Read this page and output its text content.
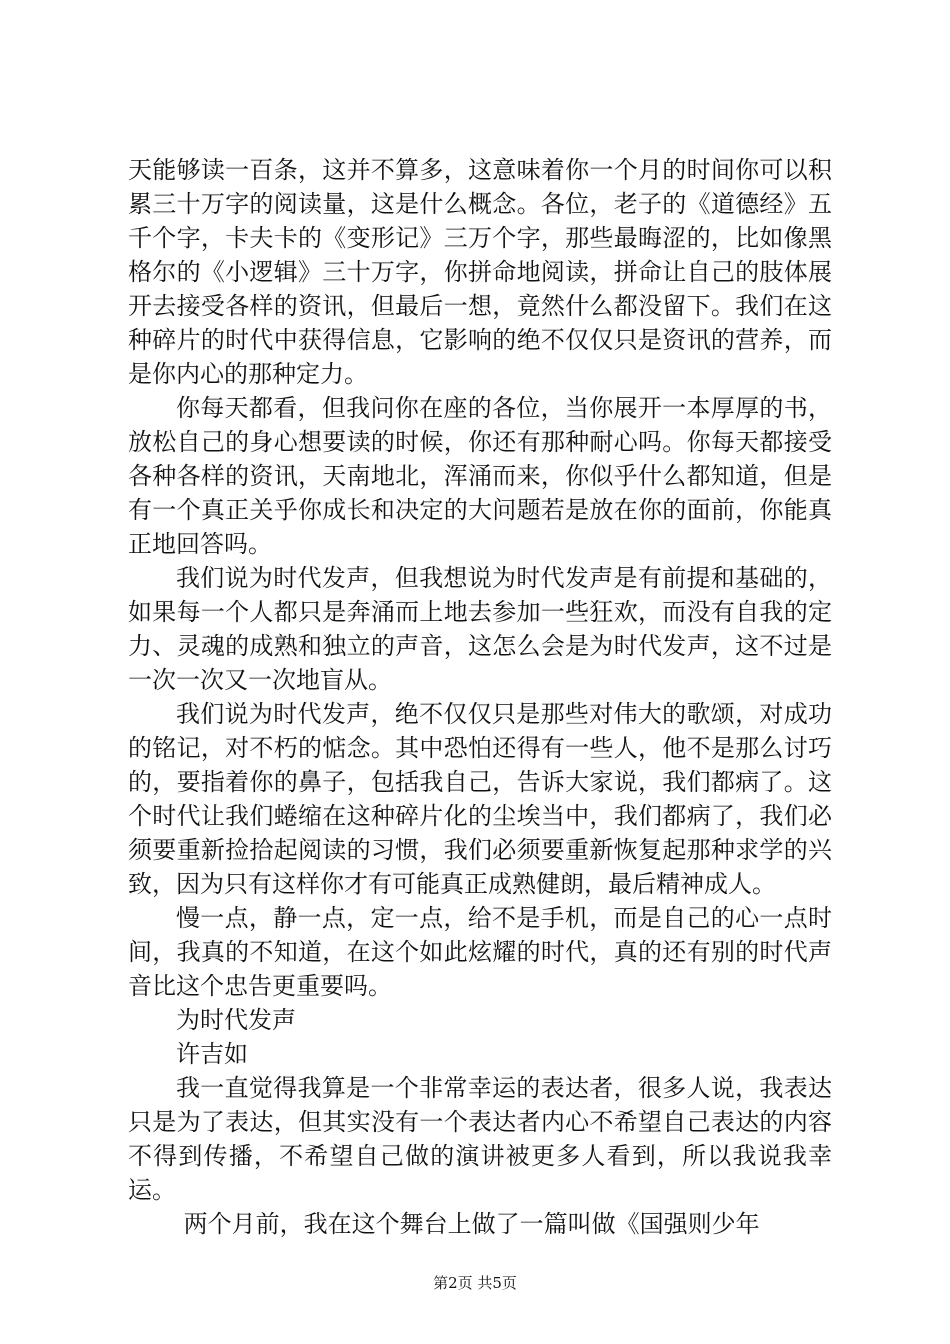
天能够读一百条，这并不算多，这意味着你一个月的时间你可以积累三十万字的阅读量，这是什么概念。各位，老子的《道德经》五千个字，卡夫卡的《变形记》三万个字，那些最晦涩的，比如像黑格尔的《小逻辑》三十万字，你拼命地阅读，拼命让自己的肢体展开去接受各样的资讯，但最后一想，竟然什么都没留下。我们在这种碎片的时代中获得信息，它影响的绝不仅仅只是资讯的营养，而是你内心的那种定力。

你每天都看，但我问你在座的各位，当你展开一本厚厚的书，放松自己的身心想要读的时候，你还有那种耐心吗。你每天都接受各种各样的资讯，天南地北，浑涌而来，你似乎什么都知道，但是有一个真正关乎你成长和决定的大问题若是放在你的面前，你能真正地回答吗。

我们说为时代发声，但我想说为时代发声是有前提和基础的，如果每一个人都只是奔涌而上地去参加一些狂欢，而没有自我的定力、灵魂的成熟和独立的声音，这怎么会是为时代发声，这不过是一次一次又一次地盲从。

我们说为时代发声，绝不仅仅只是那些对伟大的歌颂，对成功的铭记，对不朽的惦念。其中恐怕还得有一些人，他不是那么讨巧的，要指着你的鼻子，包括我自己，告诉大家说，我们都病了。这个时代让我们蜷缩在这种碎片化的尘埃当中，我们都病了，我们必须要重新捡拾起阅读的习惯，我们必须要重新恢复起那种求学的兴致，因为只有这样你才有可能真正成熟健朗，最后精神成人。

慢一点，静一点，定一点，给不是手机，而是自己的心一点时间，我真的不知道，在这个如此炫耀的时代，真的还有别的时代声音比这个忠告更重要吗。

为时代发声

许吉如

我一直觉得我算是一个非常幸运的表达者，很多人说，我表达只是为了表达，但其实没有一个表达者内心不希望自己表达的内容不得到传播，不希望自己做的演讲被更多人看到，所以我说我幸运。

两个月前，我在这个舞台上做了一篇叫做《国强则少年

第2页 共5页
